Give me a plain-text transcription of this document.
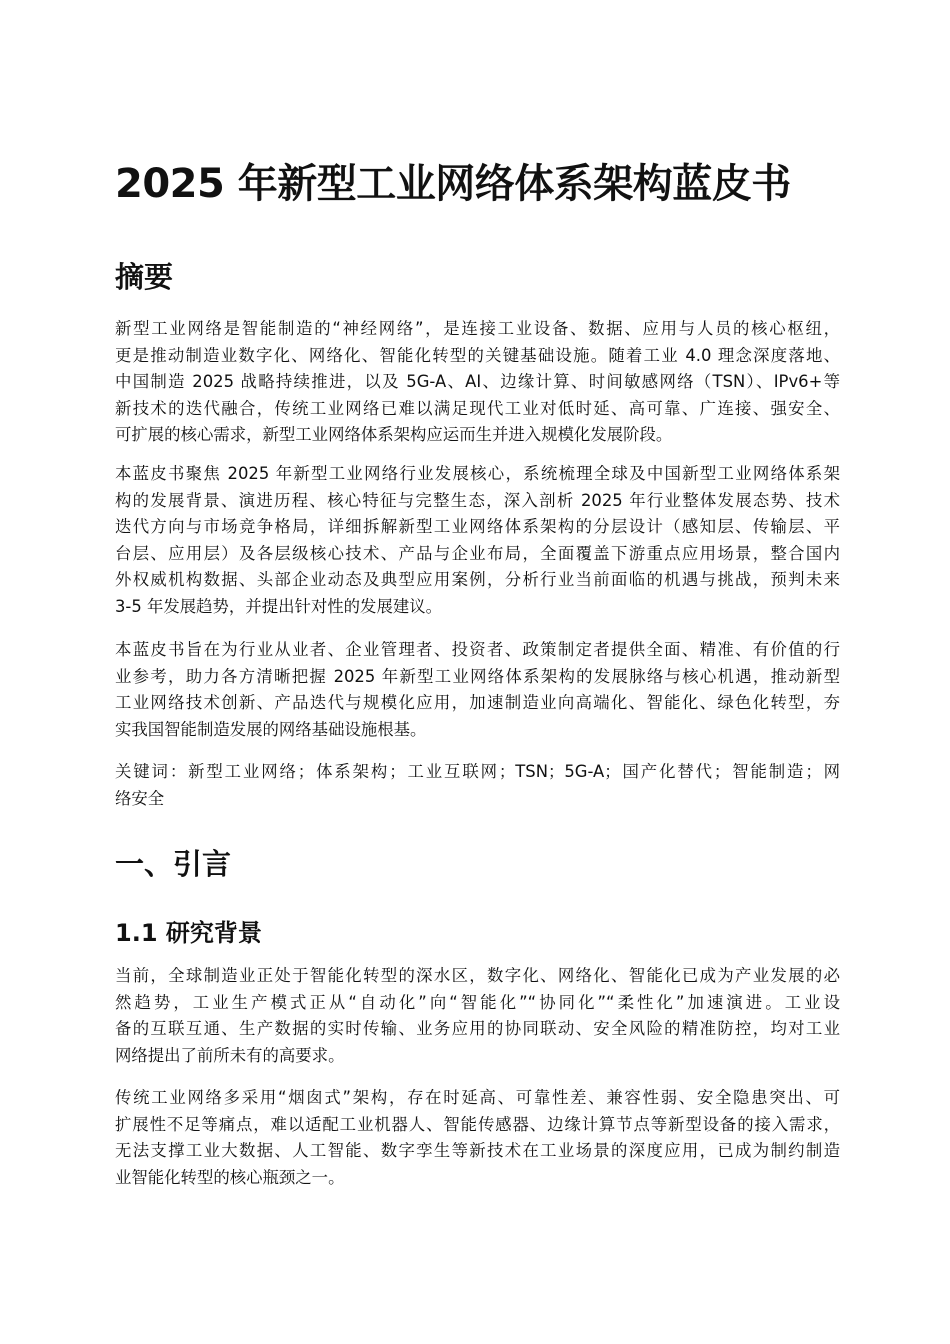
2025 年新型工业网络体系架构蓝皮书
摘要
新型工业网络是智能制造的“神经网络”，是连接工业设备、数据、应用与人员的核心枢纽，
更是推动制造业数字化、网络化、智能化转型的关键基础设施。随着工业 4.0 理念深度落地、
中国制造 2025 战略持续推进，以及 5G-A、AI、边缘计算、时间敏感网络（TSN）、IPv6+等
新技术的迭代融合，传统工业网络已难以满足现代工业对低时延、高可靠、广连接、强安全、
可扩展的核心需求，新型工业网络体系架构应运而生并进入规模化发展阶段。
本蓝皮书聚焦 2025 年新型工业网络行业发展核心，系统梳理全球及中国新型工业网络体系架
构的发展背景、演进历程、核心特征与完整生态，深入剖析 2025 年行业整体发展态势、技术
迭代方向与市场竞争格局，详细拆解新型工业网络体系架构的分层设计（感知层、传输层、平
台层、应用层）及各层级核心技术、产品与企业布局，全面覆盖下游重点应用场景，整合国内
外权威机构数据、头部企业动态及典型应用案例，分析行业当前面临的机遇与挑战，预判未来
3-5 年发展趋势，并提出针对性的发展建议。
本蓝皮书旨在为行业从业者、企业管理者、投资者、政策制定者提供全面、精准、有价值的行
业参考，助力各方清晰把握 2025 年新型工业网络体系架构的发展脉络与核心机遇，推动新型
工业网络技术创新、产品迭代与规模化应用，加速制造业向高端化、智能化、绿色化转型，夯
实我国智能制造发展的网络基础设施根基。
关键词：新型工业网络；体系架构；工业互联网；TSN；5G-A；国产化替代；智能制造；网
络安全
一、引言
1.1 研究背景
当前，全球制造业正处于智能化转型的深水区，数字化、网络化、智能化已成为产业发展的必
然趋势，工业生产模式正从“自动化”向“智能化”“协同化”“柔性化”加速演进。工业设
备的互联互通、生产数据的实时传输、业务应用的协同联动、安全风险的精准防控，均对工业
网络提出了前所未有的高要求。
传统工业网络多采用“烟囱式”架构，存在时延高、可靠性差、兼容性弱、安全隐患突出、可
扩展性不足等痛点，难以适配工业机器人、智能传感器、边缘计算节点等新型设备的接入需求，
无法支撑工业大数据、人工智能、数字孪生等新技术在工业场景的深度应用，已成为制约制造
业智能化转型的核心瓶颈之一。
